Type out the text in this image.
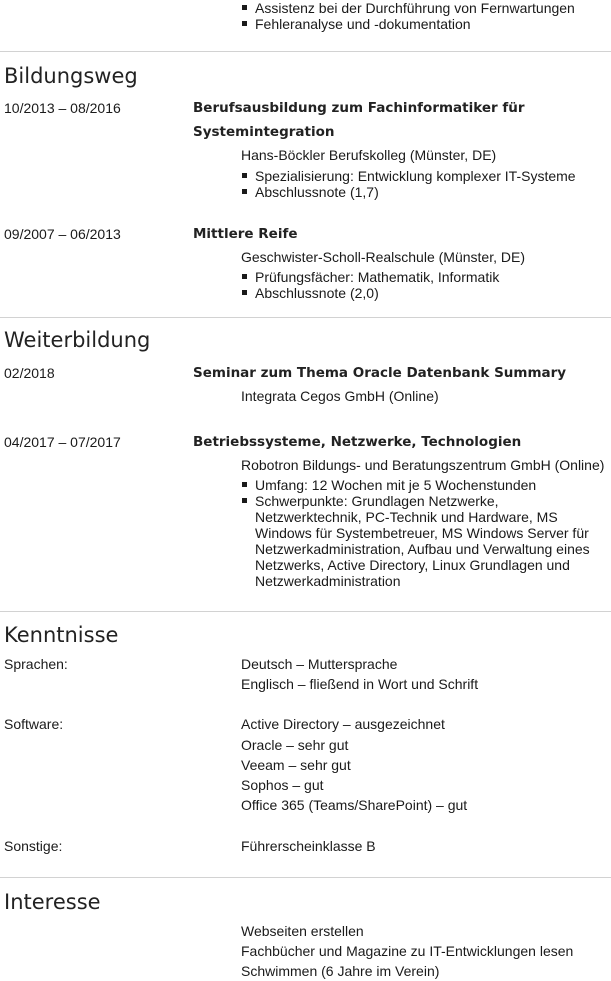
Assistenz bei der Durchführung von Fernwartungen
Fehleranalyse und -dokumentation
Bildungsweg
10/2013 – 08/2016	Berufsausbildung zum Fachinformatiker für
Systemintegration
Hans-Böckler Berufskolleg (Münster, DE)
Spezialisierung: Entwicklung komplexer IT-Systeme
Abschlussnote (1,7)
09/2007 – 06/2013	Mittlere Reife
Geschwister-Scholl-Realschule (Münster, DE)
Prüfungsfächer: Mathematik, Informatik
Abschlussnote (2,0)
Weiterbildung
02/2018	Seminar zum Thema Oracle Datenbank Summary
Integrata Cegos GmbH (Online)
04/2017 – 07/2017	Betriebssysteme, Netzwerke, Technologien
Robotron Bildungs- und Beratungszentrum GmbH (Online)
Umfang: 12 Wochen mit je 5 Wochenstunden
Schwerpunkte: Grundlagen Netzwerke,
Netzwerktechnik, PC-Technik und Hardware, MS
Windows für Systembetreuer, MS Windows Server für
Netzwerkadministration, Aufbau und Verwaltung eines
Netzwerks, Active Directory, Linux Grundlagen und
Netzwerkadministration
Kenntnisse
Sprachen:	Deutsch – Muttersprache
Englisch – fließend in Wort und Schrift
Software:	Active Directory – ausgezeichnet
Oracle – sehr gut
Veeam – sehr gut
Sophos – gut
Office 365 (Teams/SharePoint) – gut
Sonstige:	Führerscheinklasse B
Interesse
Webseiten erstellen
Fachbücher und Magazine zu IT-Entwicklungen lesen
Schwimmen (6 Jahre im Verein)
